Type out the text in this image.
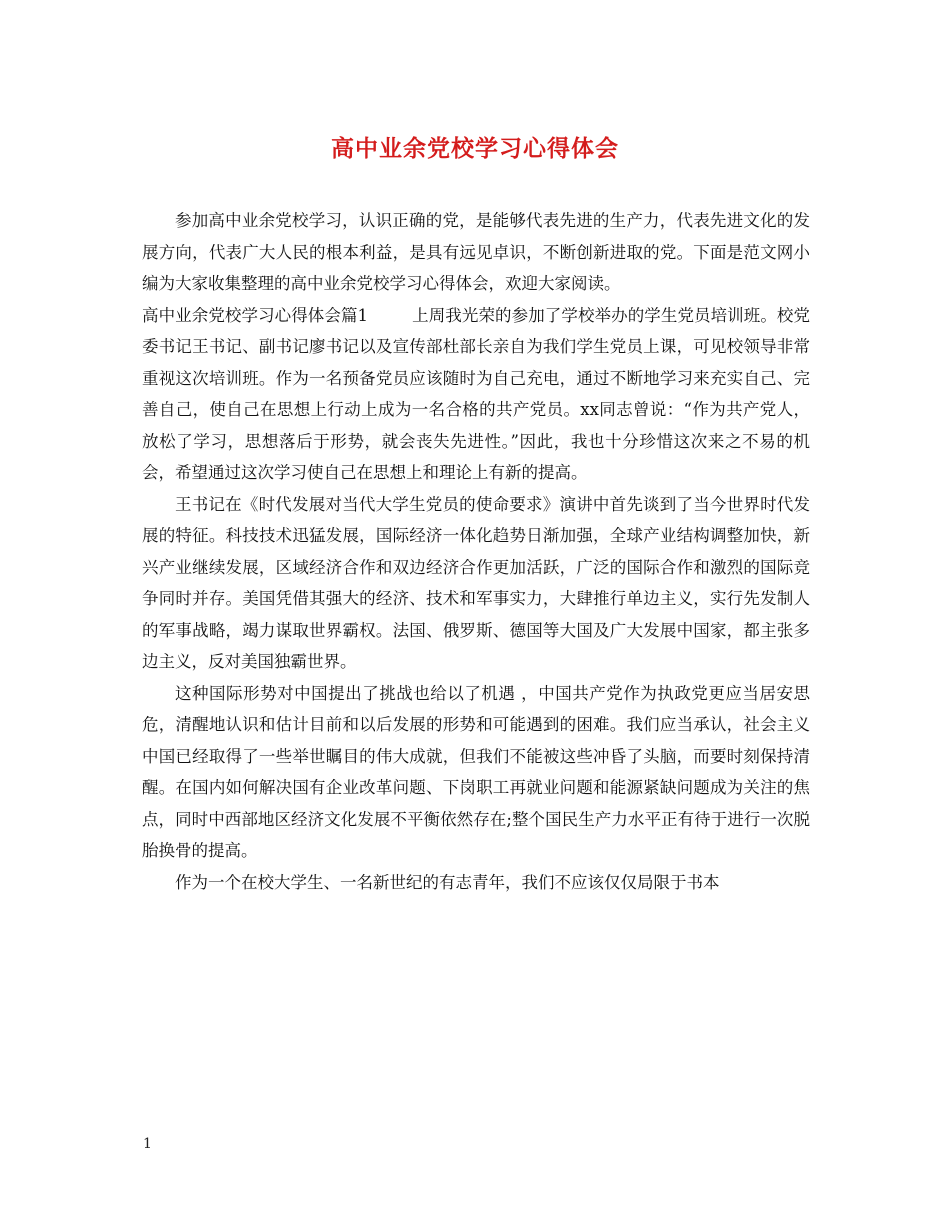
高中业余党校学习心得体会

参加高中业余党校学习，认识正确的党，是能够代表先进的生产力，代表先进文化的发展方向，代表广大人民的根本利益，是具有远见卓识，不断创新进取的党。下面是范文网小编为大家收集整理的高中业余党校学习心得体会，欢迎大家阅读。

高中业余党校学习心得体会篇1	上周我光荣的参加了学校举办的学生党员培训班。校党委书记王书记、副书记廖书记以及宣传部杜部长亲自为我们学生党员上课，可见校领导非常重视这次培训班。作为一名预备党员应该随时为自己充电，通过不断地学习来充实自己、完善自己，使自己在思想上行动上成为一名合格的共产党员。xx同志曾说：“作为共产党人，放松了学习，思想落后于形势，就会丧失先进性。”因此，我也十分珍惜这次来之不易的机会，希望通过这次学习使自己在思想上和理论上有新的提高。

王书记在《时代发展对当代大学生党员的使命要求》演讲中首先谈到了当今世界时代发展的特征。科技技术迅猛发展，国际经济一体化趋势日渐加强，全球产业结构调整加快，新兴产业继续发展，区域经济合作和双边经济合作更加活跃，广泛的国际合作和激烈的国际竞争同时并存。美国凭借其强大的经济、技术和军事实力，大肆推行单边主义，实行先发制人的军事战略，竭力谋取世界霸权。法国、俄罗斯、德国等大国及广大发展中国家，都主张多边主义，反对美国独霸世界。

这种国际形势对中国提出了挑战也给以了机遇 ，中国共产党作为执政党更应当居安思危，清醒地认识和估计目前和以后发展的形势和可能遇到的困难。我们应当承认，社会主义中国已经取得了一些举世瞩目的伟大成就，但我们不能被这些冲昏了头脑，而要时刻保持清醒。在国内如何解决国有企业改革问题、下岗职工再就业问题和能源紧缺问题成为关注的焦点，同时中西部地区经济文化发展不平衡依然存在;整个国民生产力水平正有待于进行一次脱胎换骨的提高。

作为一个在校大学生、一名新世纪的有志青年，我们不应该仅仅局限于书本

1
